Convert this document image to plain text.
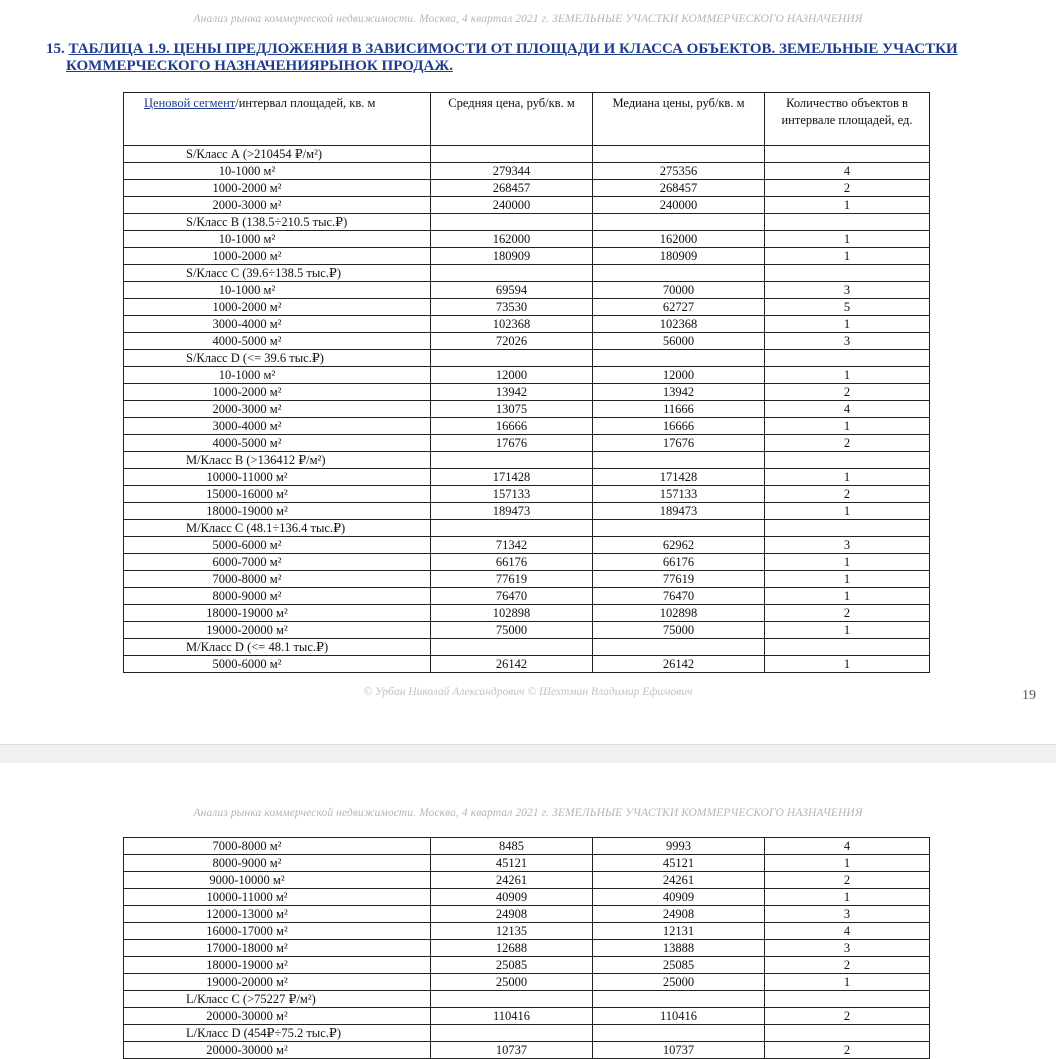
Анализ рынка коммерческой недвижимости. Москва, 4 квартал 2021 г. ЗЕМЕЛЬНЫЕ УЧАСТКИ КОММЕРЧЕСКОГО НАЗНАЧЕНИЯ
15. ТАБЛИЦА 1.9. ЦЕНЫ ПРЕДЛОЖЕНИЯ В ЗАВИСИМОСТИ ОТ ПЛОЩАДИ И КЛАССА ОБЪЕКТОВ. ЗЕМЕЛЬНЫЕ УЧАСТКИ
КОММЕРЧЕСКОГО НАЗНАЧЕНИЯРЫНОК ПРОДАЖ.
Ценовой сегмент/интервал площадей, кв. м	Средняя цена, руб/кв. м	Медиана цены, руб/кв. м	Количество объектов в интервале площадей, ед.
S/Класс А (>210454 ₽/м²)			
10-1000 м²	279344	275356	4
1000-2000 м²	268457	268457	2
2000-3000 м²	240000	240000	1
S/Класс В (138.5÷210.5 тыс.₽)			
10-1000 м²	162000	162000	1
1000-2000 м²	180909	180909	1
S/Класс С (39.6÷138.5 тыс.₽)			
10-1000 м²	69594	70000	3
1000-2000 м²	73530	62727	5
3000-4000 м²	102368	102368	1
4000-5000 м²	72026	56000	3
S/Класс D (<= 39.6 тыс.₽)			
10-1000 м²	12000	12000	1
1000-2000 м²	13942	13942	2
2000-3000 м²	13075	11666	4
3000-4000 м²	16666	16666	1
4000-5000 м²	17676	17676	2
M/Класс В (>136412 ₽/м²)			
10000-11000 м²	171428	171428	1
15000-16000 м²	157133	157133	2
18000-19000 м²	189473	189473	1
M/Класс С (48.1÷136.4 тыс.₽)			
5000-6000 м²	71342	62962	3
6000-7000 м²	66176	66176	1
7000-8000 м²	77619	77619	1
8000-9000 м²	76470	76470	1
18000-19000 м²	102898	102898	2
19000-20000 м²	75000	75000	1
M/Класс D (<= 48.1 тыс.₽)			
5000-6000 м²	26142	26142	1
© Урбан Николай Александрович © Шехтман Владимир Ефимович	19
Анализ рынка коммерческой недвижимости. Москва, 4 квартал 2021 г. ЗЕМЕЛЬНЫЕ УЧАСТКИ КОММЕРЧЕСКОГО НАЗНАЧЕНИЯ
7000-8000 м²	8485	9993	4
8000-9000 м²	45121	45121	1
9000-10000 м²	24261	24261	2
10000-11000 м²	40909	40909	1
12000-13000 м²	24908	24908	3
16000-17000 м²	12135	12131	4
17000-18000 м²	12688	13888	3
18000-19000 м²	25085	25085	2
19000-20000 м²	25000	25000	1
L/Класс С (>75227 ₽/м²)			
20000-30000 м²	110416	110416	2
L/Класс D (454₽÷75.2 тыс.₽)			
20000-30000 м²	10737	10737	2
